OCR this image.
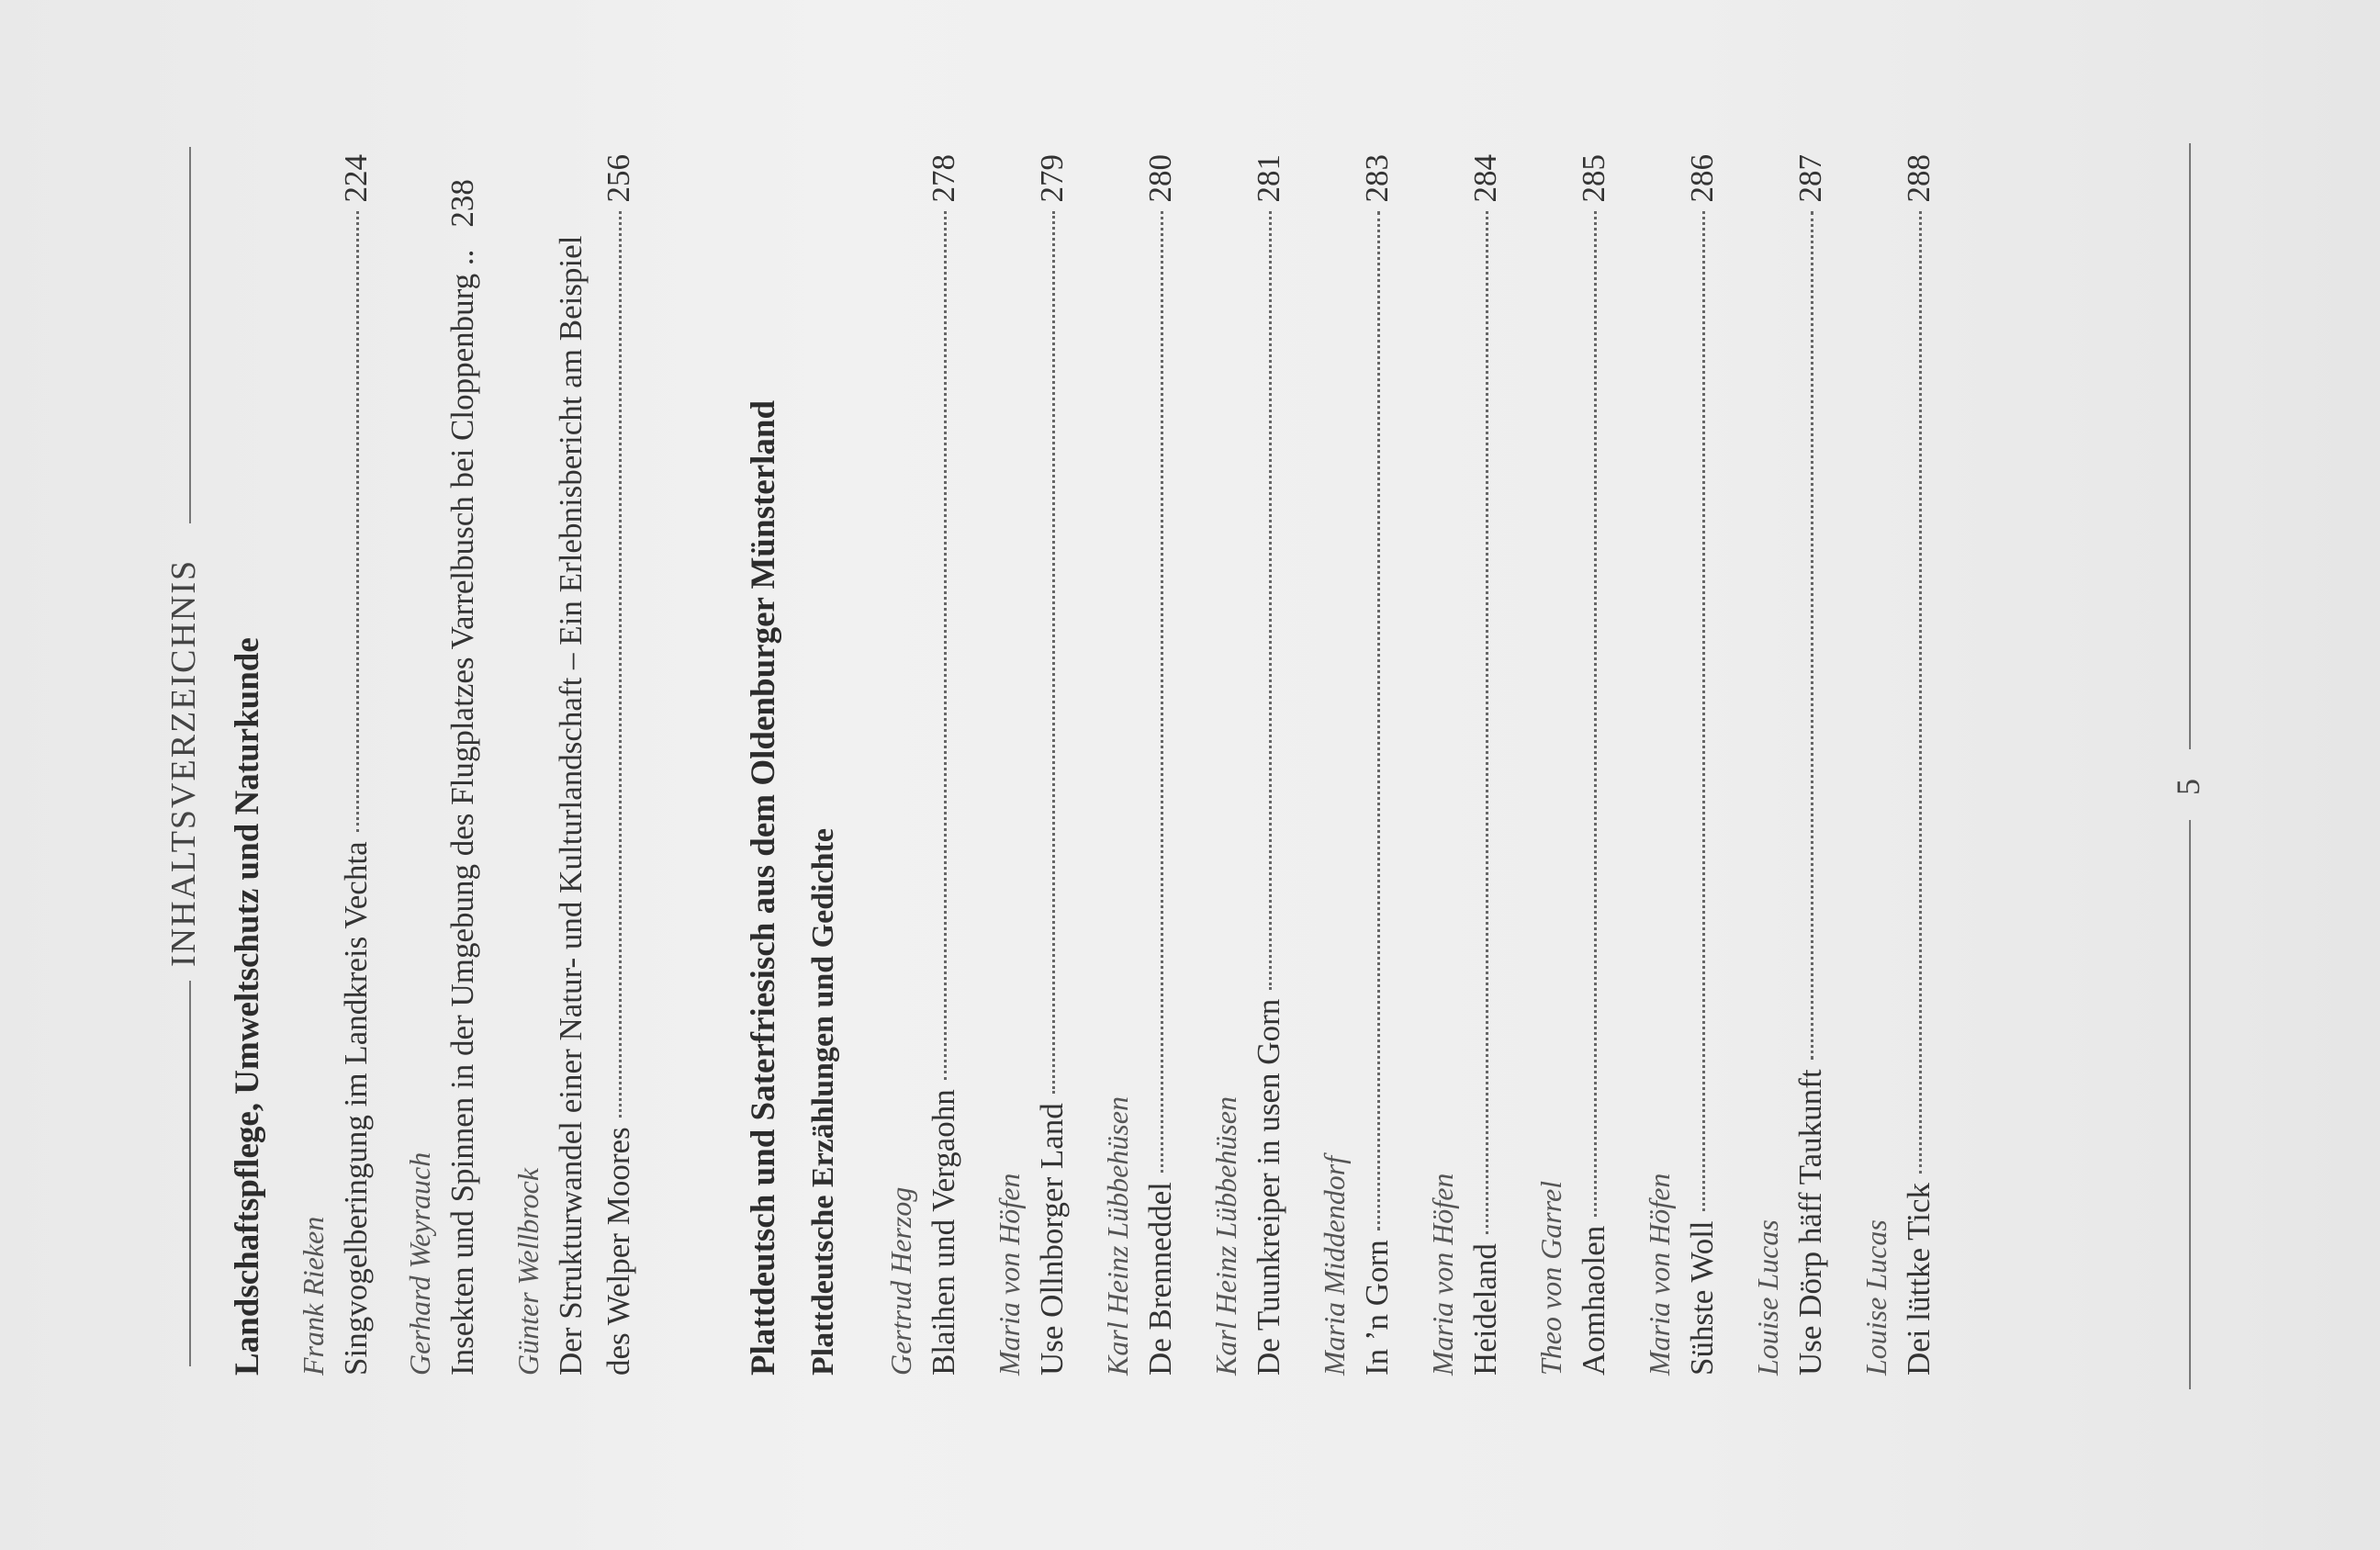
INHALTSVERZEICHNIS Landschaftspflege, Umweltschutz und Naturkunde Frank Rieken Singvogelberingung im Landkreis Vechta
224
Gerhard Weyrauch Insekten und Spinnen in der Umgebung des Flugplatzes Varrelbusch bei Cloppenburg ..
238
Günter Wellbrock Der Strukturwandel einer Natur- und Kulturlandschaft – Ein Erlebnisbericht am Beispiel des Welper Moores
256
Plattdeutsch und Saterfriesisch aus dem Oldenburger Münsterland Plattdeutsche Erzählungen und Gedichte Gertrud Herzog Blaihen und Vergaohn
278
Maria von Höfen Use Ollnborger Land
279
Karl Heinz Lübbehüsen De Brenneddel
280
Karl Heinz Lübbehüsen De Tuunkreiper in usen Gorn
281
Maria Middendorf In ’n Gorn
283
Maria von Höfen Heideland
284
Theo von Garrel Aomhaolen
285
Maria von Höfen Sühste Woll
286
Louise Lucas Use Dörp häff Taukunft
287
Louise Lucas Dei lüttke Tick
288
5
